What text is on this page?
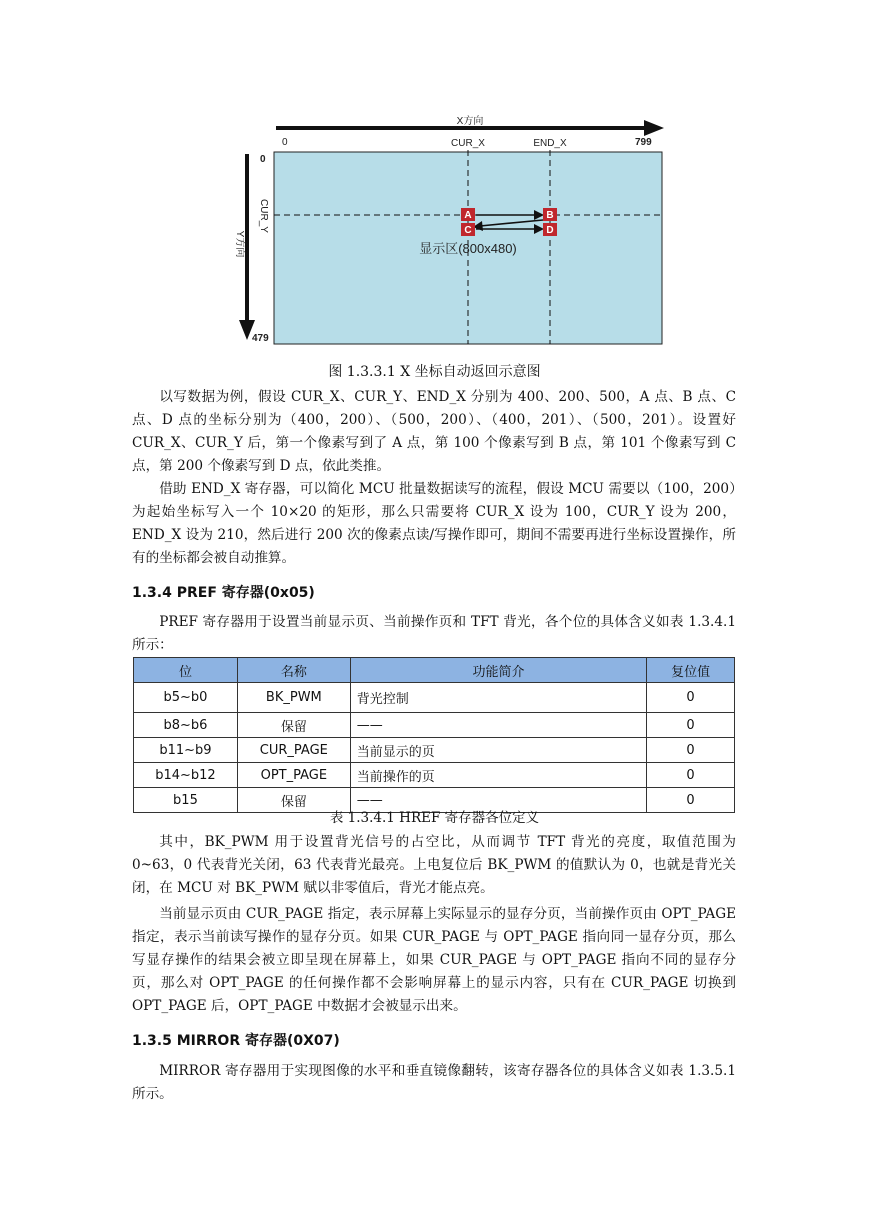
X方向
0	799
CUR_X	END_X
0
479
Y方向
CUR_Y	A
C
B
D
显示区(800x480)
图 1.3.3.1 X 坐标自动返回示意图

以写数据为例，假设 CUR_X、CUR_Y、END_X 分别为 400、200、500，A 点、B 点、C 点、D 点的坐标分别为（400，200）、（500，200）、（400，201）、（500，201）。设置好 CUR_X、CUR_Y 后，第一个像素写到了 A 点，第 100 个像素写到 B 点，第 101 个像素写到 C 点，第 200 个像素写到 D 点，依此类推。

借助 END_X 寄存器，可以简化 MCU 批量数据读写的流程，假设 MCU 需要以（100，200）为起始坐标写入一个 10×20 的矩形，那么只需要将 CUR_X 设为 100，CUR_Y 设为 200，END_X 设为 210，然后进行 200 次的像素点读/写操作即可，期间不需要再进行坐标设置操作，所有的坐标都会被自动推算。

1.3.4 PREF 寄存器(0x05)

PREF 寄存器用于设置当前显示页、当前操作页和 TFT 背光，各个位的具体含义如表 1.3.4.1 所示：

位	名称	功能简介	复位值
b5~b0	BK_PWM	背光控制	0
b8~b6	保留	——	0
b11~b9	CUR_PAGE	当前显示的页	0
b14~b12	OPT_PAGE	当前操作的页	0
b15	保留	——	0
表 1.3.4.1 HREF 寄存器各位定义

其中，BK_PWM 用于设置背光信号的占空比，从而调节 TFT 背光的亮度，取值范围为 0~63，0 代表背光关闭，63 代表背光最亮。上电复位后 BK_PWM 的值默认为 0，也就是背光关闭，在 MCU 对 BK_PWM 赋以非零值后，背光才能点亮。

当前显示页由 CUR_PAGE 指定，表示屏幕上实际显示的显存分页，当前操作页由 OPT_PAGE 指定，表示当前读写操作的显存分页。如果 CUR_PAGE 与 OPT_PAGE 指向同一显存分页，那么写显存操作的结果会被立即呈现在屏幕上，如果 CUR_PAGE 与 OPT_PAGE 指向不同的显存分页，那么对 OPT_PAGE 的任何操作都不会影响屏幕上的显示内容，只有在 CUR_PAGE 切换到 OPT_PAGE 后，OPT_PAGE 中数据才会被显示出来。

1.3.5 MIRROR 寄存器(0X07)

MIRROR 寄存器用于实现图像的水平和垂直镜像翻转，该寄存器各位的具体含义如表 1.3.5.1 所示。
